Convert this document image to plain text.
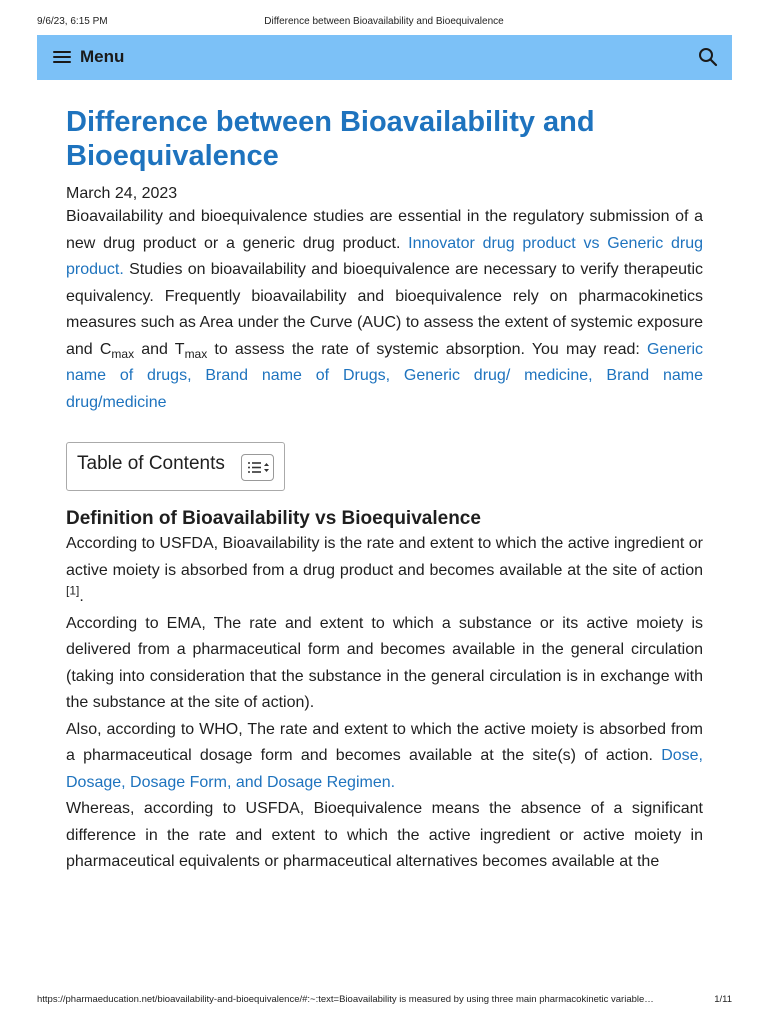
9/6/23, 6:15 PM	Difference between Bioavailability and Bioequivalence
Menu
Difference between Bioavailability and Bioequivalence
March 24, 2023

Bioavailability and bioequivalence studies are essential in the regulatory submission of a new drug product or a generic drug product. Innovator drug product vs Generic drug product. Studies on bioavailability and bioequivalence are necessary to verify therapeutic equivalency. Frequently bioavailability and bioequivalence rely on pharmacokinetics measures such as Area under the Curve (AUC) to assess the extent of systemic exposure and $C_{max}$ and $T_{max}$ to assess the rate of systemic absorption. You may read: Generic name of drugs, Brand name of Drugs, Generic drug/ medicine, Brand name drug/medicine

Table of Contents
Definition of Bioavailability vs Bioequivalence

According to USFDA, Bioavailability is the rate and extent to which the active ingredient or active moiety is absorbed from a drug product and becomes available at the site of action [1].

According to EMA, The rate and extent to which a substance or its active moiety is delivered from a pharmaceutical form and becomes available in the general circulation (taking into consideration that the substance in the general circulation is in exchange with the substance at the site of action).

Also, according to WHO, The rate and extent to which the active moiety is absorbed from a pharmaceutical dosage form and becomes available at the site(s) of action. Dose, Dosage, Dosage Form, and Dosage Regimen.

Whereas, according to USFDA, Bioequivalence means the absence of a significant difference in the rate and extent to which the active ingredient or active moiety in pharmaceutical equivalents or pharmaceutical alternatives becomes available at the

https://pharmaeducation.net/bioavailability-and-bioequivalence/#:~:text=Bioavailability is measured by using three main pharmacokinetic variable…	1/11
